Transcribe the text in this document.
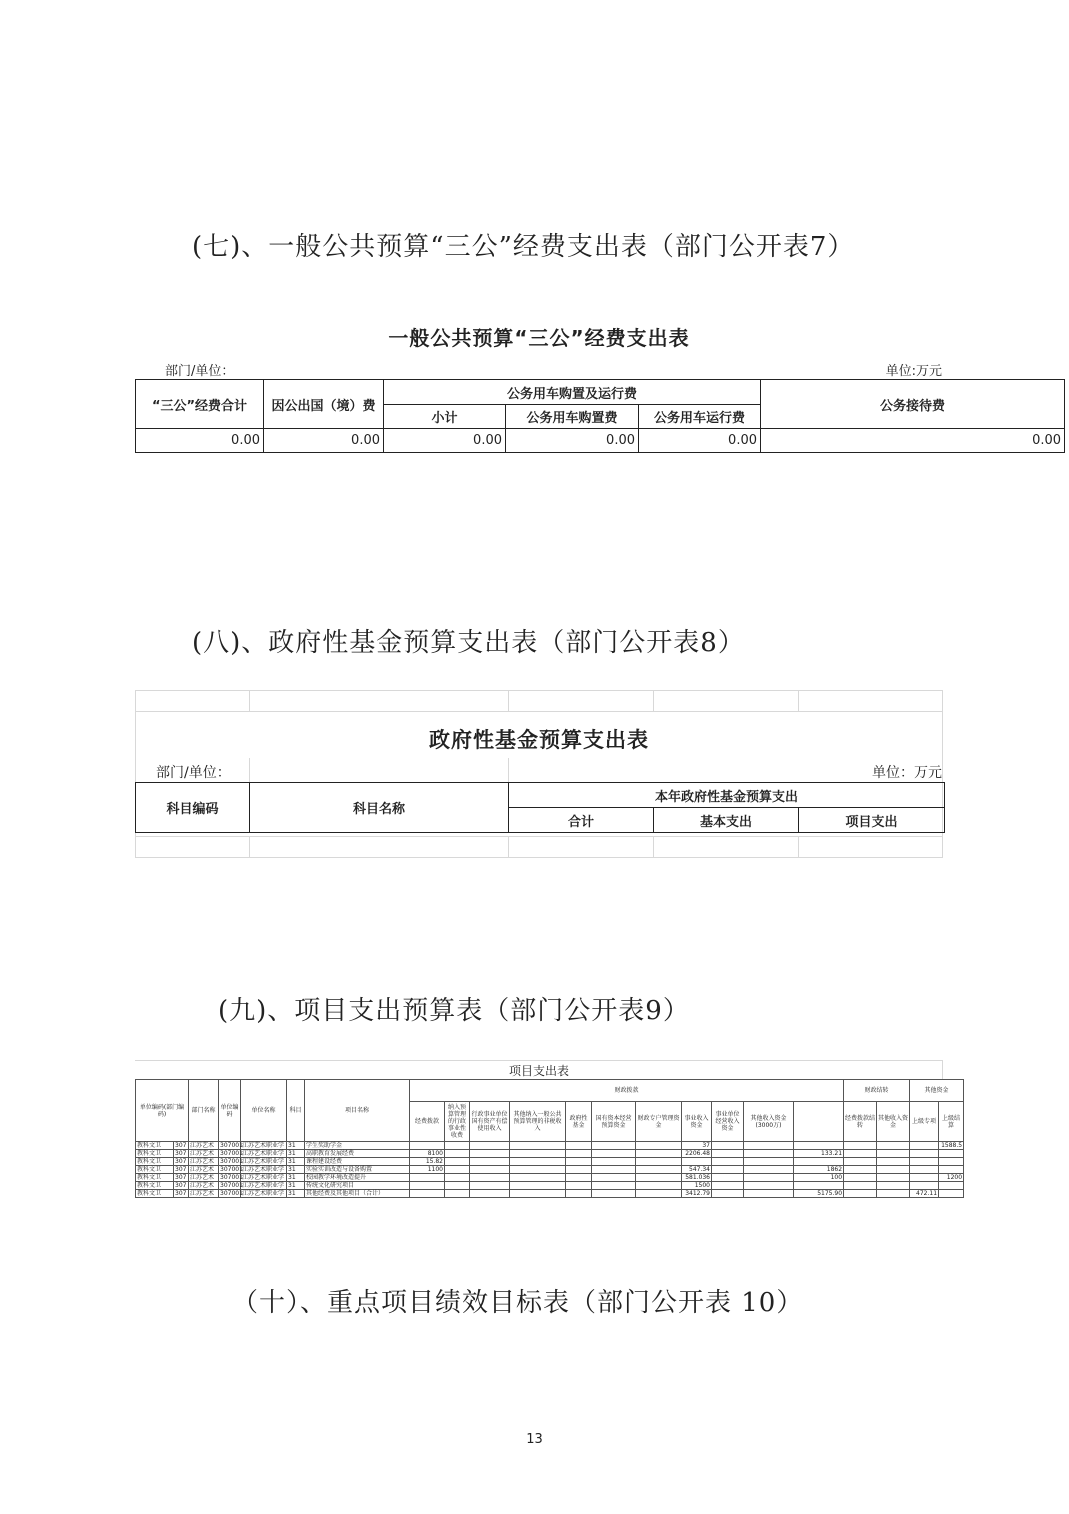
(七)、一般公共预算“三公”经费支出表（部门公开表7）
一般公共预算“三公”经费支出表
部门/单位：	单位:万元
“三公”经费合计	因公出国（境）费	公务用车购置及运行费			公务接待费
		小计	公务用车购置费	公务用车运行费	
0.00	0.00	0.00	0.00	0.00	0.00
(八)、政府性基金预算支出表（部门公开表8）
政府性基金预算支出表
部门/单位：	单位：万元
科目编码	科目名称	本年政府性基金预算支出		
		合计	基本支出	项目支出
(九)、项目支出预算表（部门公开表9）
项目支出表
单位编码(部门编码)		部门名称	单位编码	单位名称	科目	项目名称	财政拨款											财政结转		其他资金		
							经费拨款	纳入预算管理的行政事业性收费	行政事业单位国有资产有偿使用收入	其他纳入一般公共预算管理的非税收入	政府性基金	国有资本经营预算资金	财政专户管理资金	事业收入资金	事业单位经营收入资金	其他收入资金(3000万)		经费拨款结转	其他收入资金	上级专项	上级结算	
教科文卫	307	江苏艺术	307001	江苏艺术职业学	31	学生奖助学金								37							1588.5	
教科文卫	307	江苏艺术	307001	江苏艺术职业学	31	高职教育发展经费	8100							2206.48			133.21					
教科文卫	307	江苏艺术	307001	江苏艺术职业学	31	课程建设经费	15.82															
教科文卫	307	江苏艺术	307001	江苏艺术职业学	31	实验实训改造与设备购置	1100							547.34			1862					
教科文卫	307	江苏艺术	307001	江苏艺术职业学	31	校园教学环境改造提升								581.036			100				1200	
教科文卫	307	江苏艺术	307001	江苏艺术职业学	31	传统文化研究项目								1500								
教科文卫	307	江苏艺术	307001	江苏艺术职业学	31	其他经费及其他项目（合计）								3412.79			5175.90			472.11		
（十）、重点项目绩效目标表（部门公开表 10）
13
